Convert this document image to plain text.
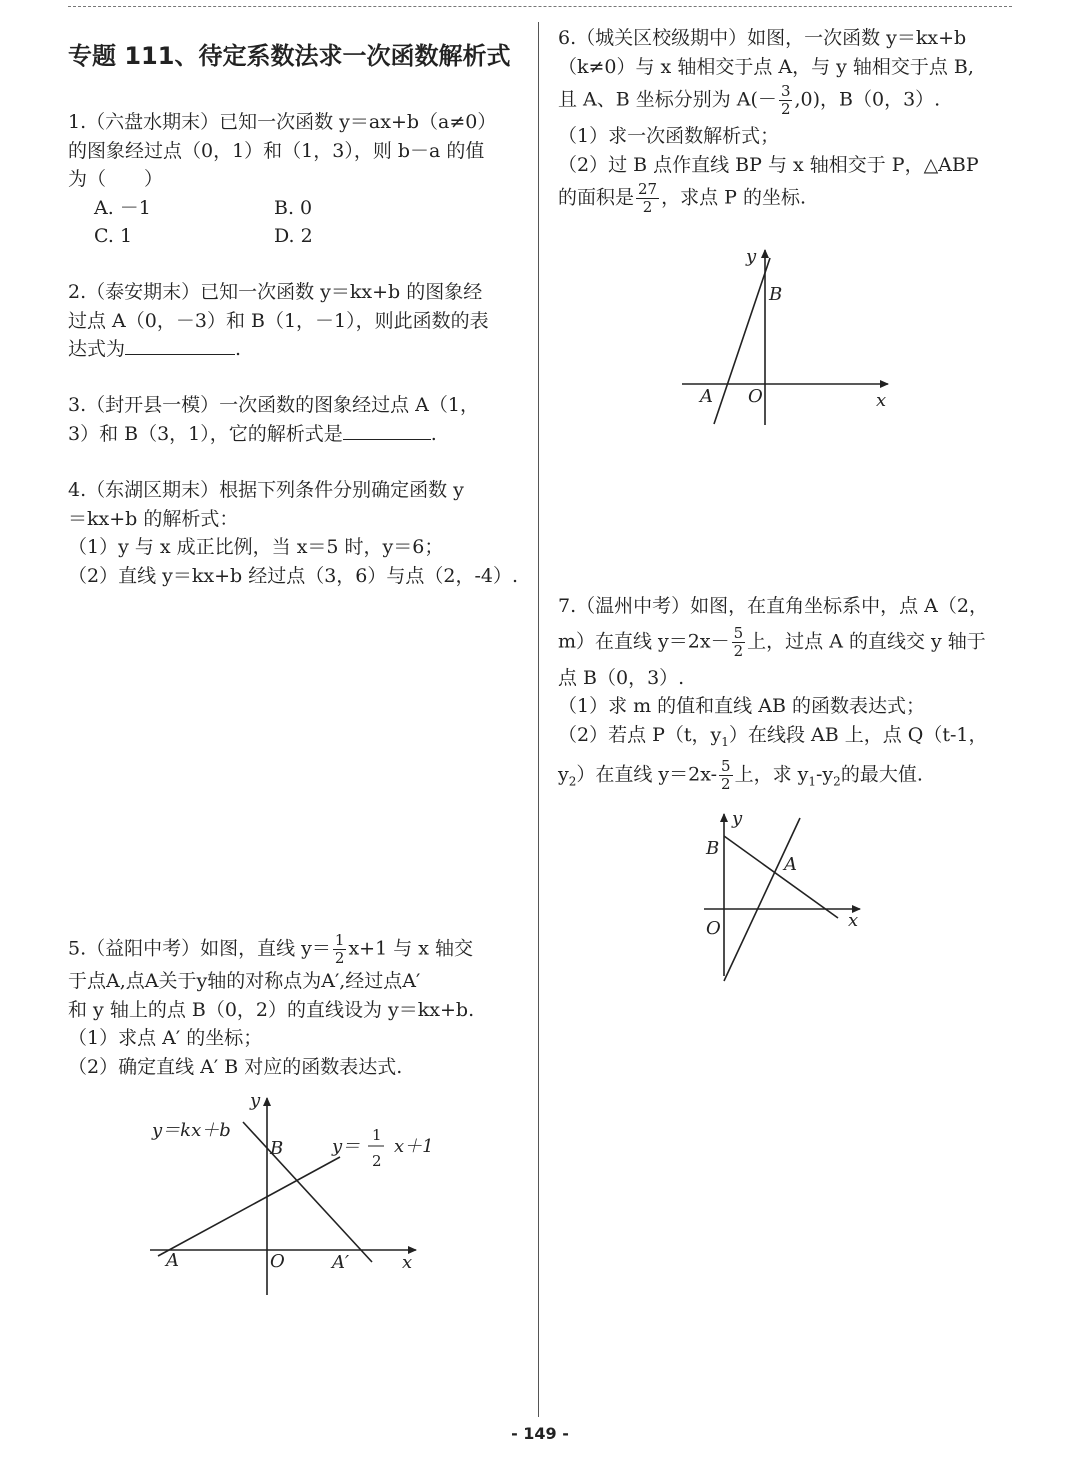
专题 111、待定系数法求一次函数解析式

1.（六盘水期末）已知一次函数 y＝ax+b（a≠0）

的图象经过点（0，1）和（1，3），则 b－a 的值

为（　　）

A. －1	B. 0
C. 1	D. 2

2.（泰安期末）已知一次函数 y＝kx+b 的图象经

过点 A（0，－3）和 B（1，－1），则此函数的表

达式为	.

3.（封开县一模）一次函数的图象经过点 A（1，

3）和 B（3，1），它的解析式是	.

4.（东湖区期末）根据下列条件分别确定函数 y

＝kx+b 的解析式：

（1）y 与 x 成正比例，当 x＝5 时，y＝6；

（2）直线 y＝kx+b 经过点（3，6）与点（2，-4）.

5.（益阳中考）如图，直线 $y= \frac{1}{2} x+1$ 与 x 轴交

于点A,点A关于y轴的对称点为A′,经过点A′

和 y 轴上的点 B（0，2）的直线设为 y＝kx+b.

（1）求点 A′ 的坐标；

（2）确定直线 A′ B 对应的函数表达式.

y＝kx＋b
y＝
1
2
x＋1
B
A	O	A′	x
y

6.（城关区校级期中）如图，一次函数 y＝kx+b

（k≠0）与 x 轴相交于点 A，与 y 轴相交于点 B,

且 A、B 坐标分别为 $A(- \frac{3}{2} ,0)$，B（0，3）.

（1）求一次函数解析式；

（2）过 B 点作直线 BP 与 x 轴相交于 P，△ABP

的面积是 $\frac{27}{2}$ ，求点 P 的坐标.

y
B
A O	x

7.（温州中考）如图，在直角坐标系中，点 A（2，

m）在直线 $y=2x- \frac{5}{2}$ 上，过点 A 的直线交 y 轴于

点 B（0，3）.

（1）求 m 的值和直线 AB 的函数表达式；

（2）若点 P（t，$y_1$）在线段 AB 上，点 Q（t-1，

$y_2$）在直线 $y=2x- \frac{5}{2}$ 上，求 $y_1-y_2$的最大值.

y
B
A
O	x
- 149 -
